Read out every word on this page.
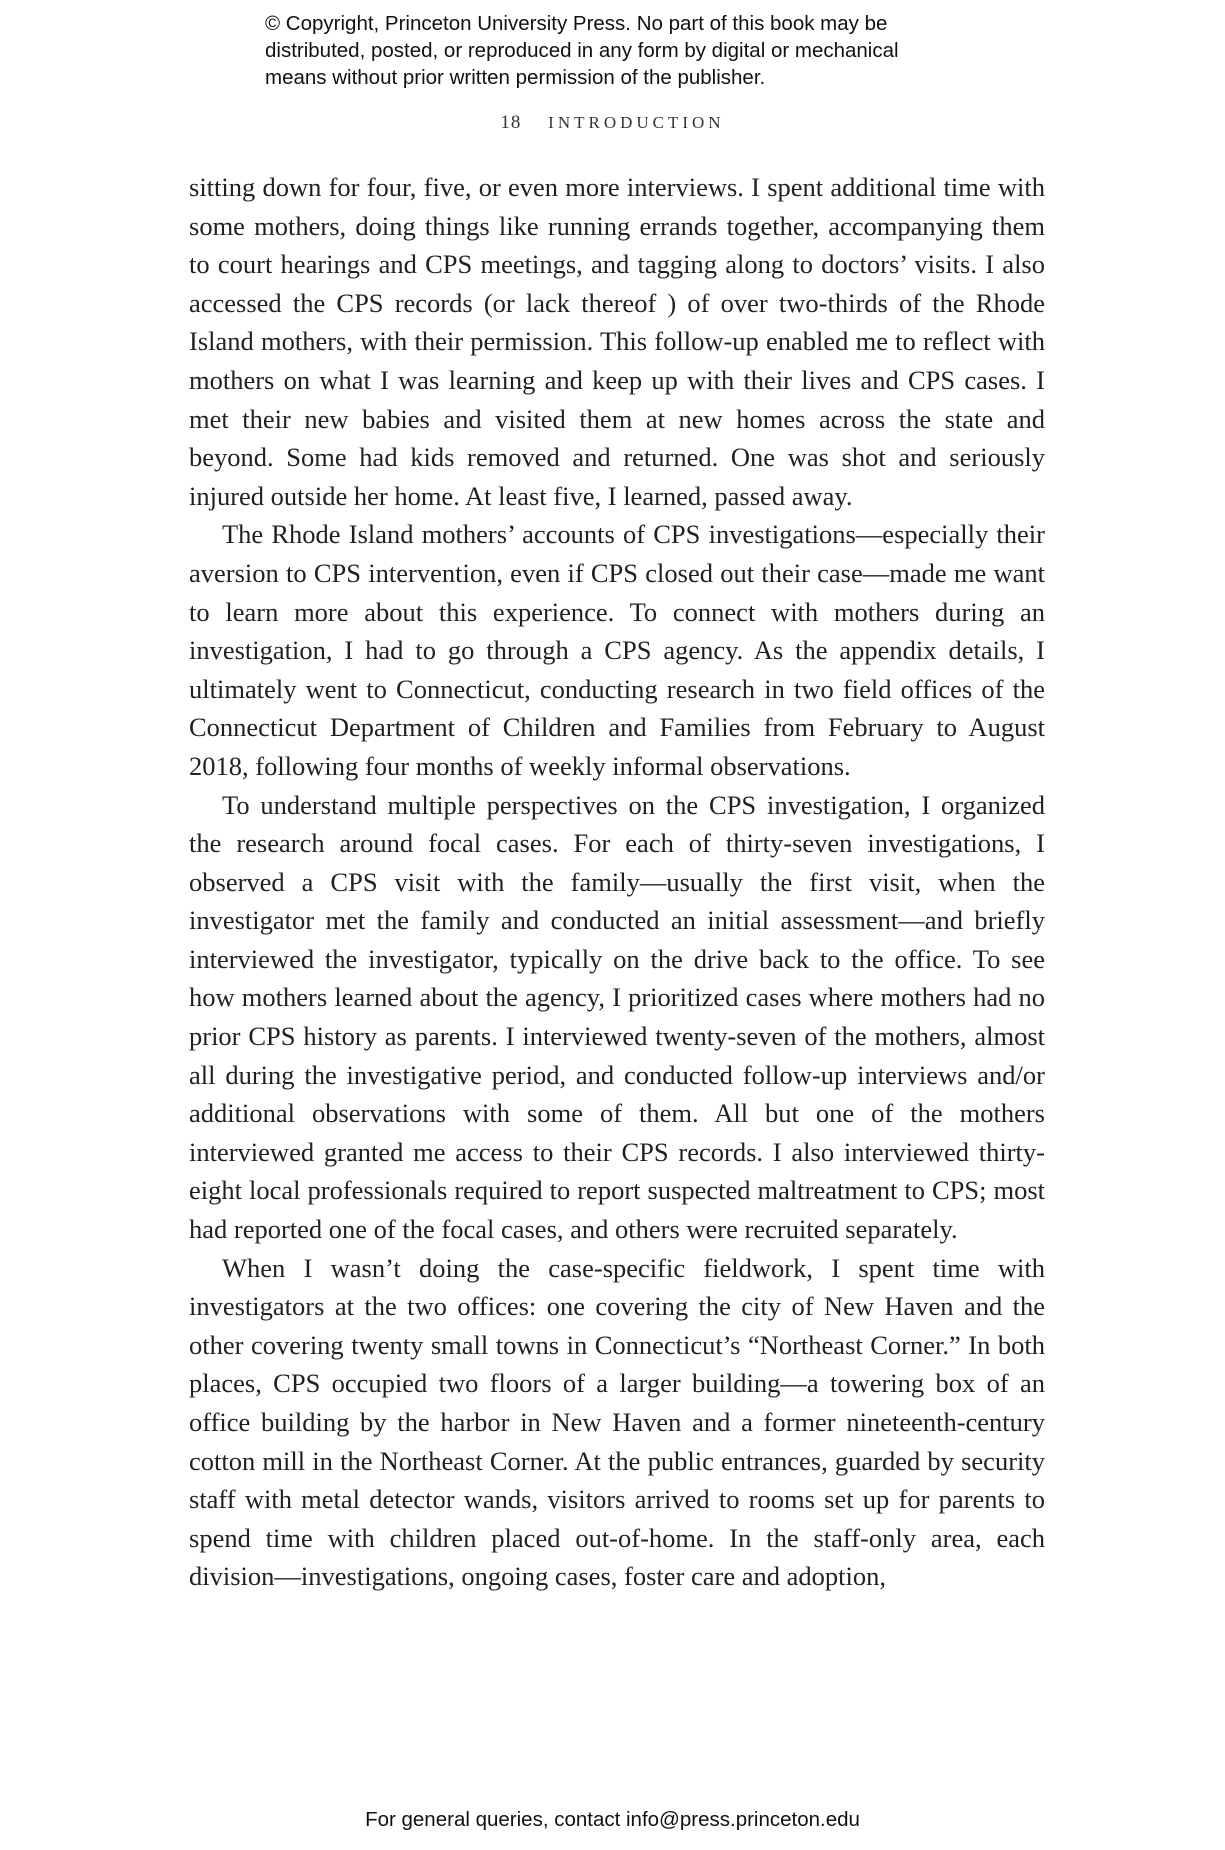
© Copyright, Princeton University Press. No part of this book may be
distributed, posted, or reproduced in any form by digital or mechanical
means without prior written permission of the publisher.
18 INTRODUCTION

sitting down for four, five, or even more interviews. I spent additional time with some mothers, doing things like running errands together, accompanying them to court hearings and CPS meetings, and tagging along to doctors’ visits. I also accessed the CPS records (or lack thereof ) of over two-thirds of the Rhode Island mothers, with their permission. This follow-up enabled me to reflect with mothers on what I was learning and keep up with their lives and CPS cases. I met their new babies and visited them at new homes across the state and beyond. Some had kids removed and returned. One was shot and seriously injured outside her home. At least five, I learned, passed away.

The Rhode Island mothers’ accounts of CPS investigations—especially their aversion to CPS intervention, even if CPS closed out their case—made me want to learn more about this experience. To connect with mothers during an investigation, I had to go through a CPS agency. As the appendix details, I ultimately went to Connecticut, conducting research in two field offices of the Connecticut Department of Children and Families from February to August 2018, following four months of weekly informal observations.

To understand multiple perspectives on the CPS investigation, I organized the research around focal cases. For each of thirty-seven investigations, I observed a CPS visit with the family—usually the first visit, when the investigator met the family and conducted an initial assessment—and briefly interviewed the investigator, typically on the drive back to the office. To see how mothers learned about the agency, I prioritized cases where mothers had no prior CPS history as parents. I interviewed twenty-seven of the mothers, almost all during the investigative period, and conducted follow-up interviews and/or additional observations with some of them. All but one of the mothers interviewed granted me access to their CPS records. I also interviewed thirty-eight local professionals required to report suspected maltreatment to CPS; most had reported one of the focal cases, and others were recruited separately.

When I wasn’t doing the case-specific fieldwork, I spent time with investigators at the two offices: one covering the city of New Haven and the other covering twenty small towns in Connecticut’s “Northeast Corner.” In both places, CPS occupied two floors of a larger building—a towering box of an office building by the harbor in New Haven and a former nineteenth-century cotton mill in the Northeast Corner. At the public entrances, guarded by security staff with metal detector wands, visitors arrived to rooms set up for parents to spend time with children placed out-of-home. In the staff-only area, each division—investigations, ongoing cases, foster care and adoption,

For general queries, contact info@press.princeton.edu
